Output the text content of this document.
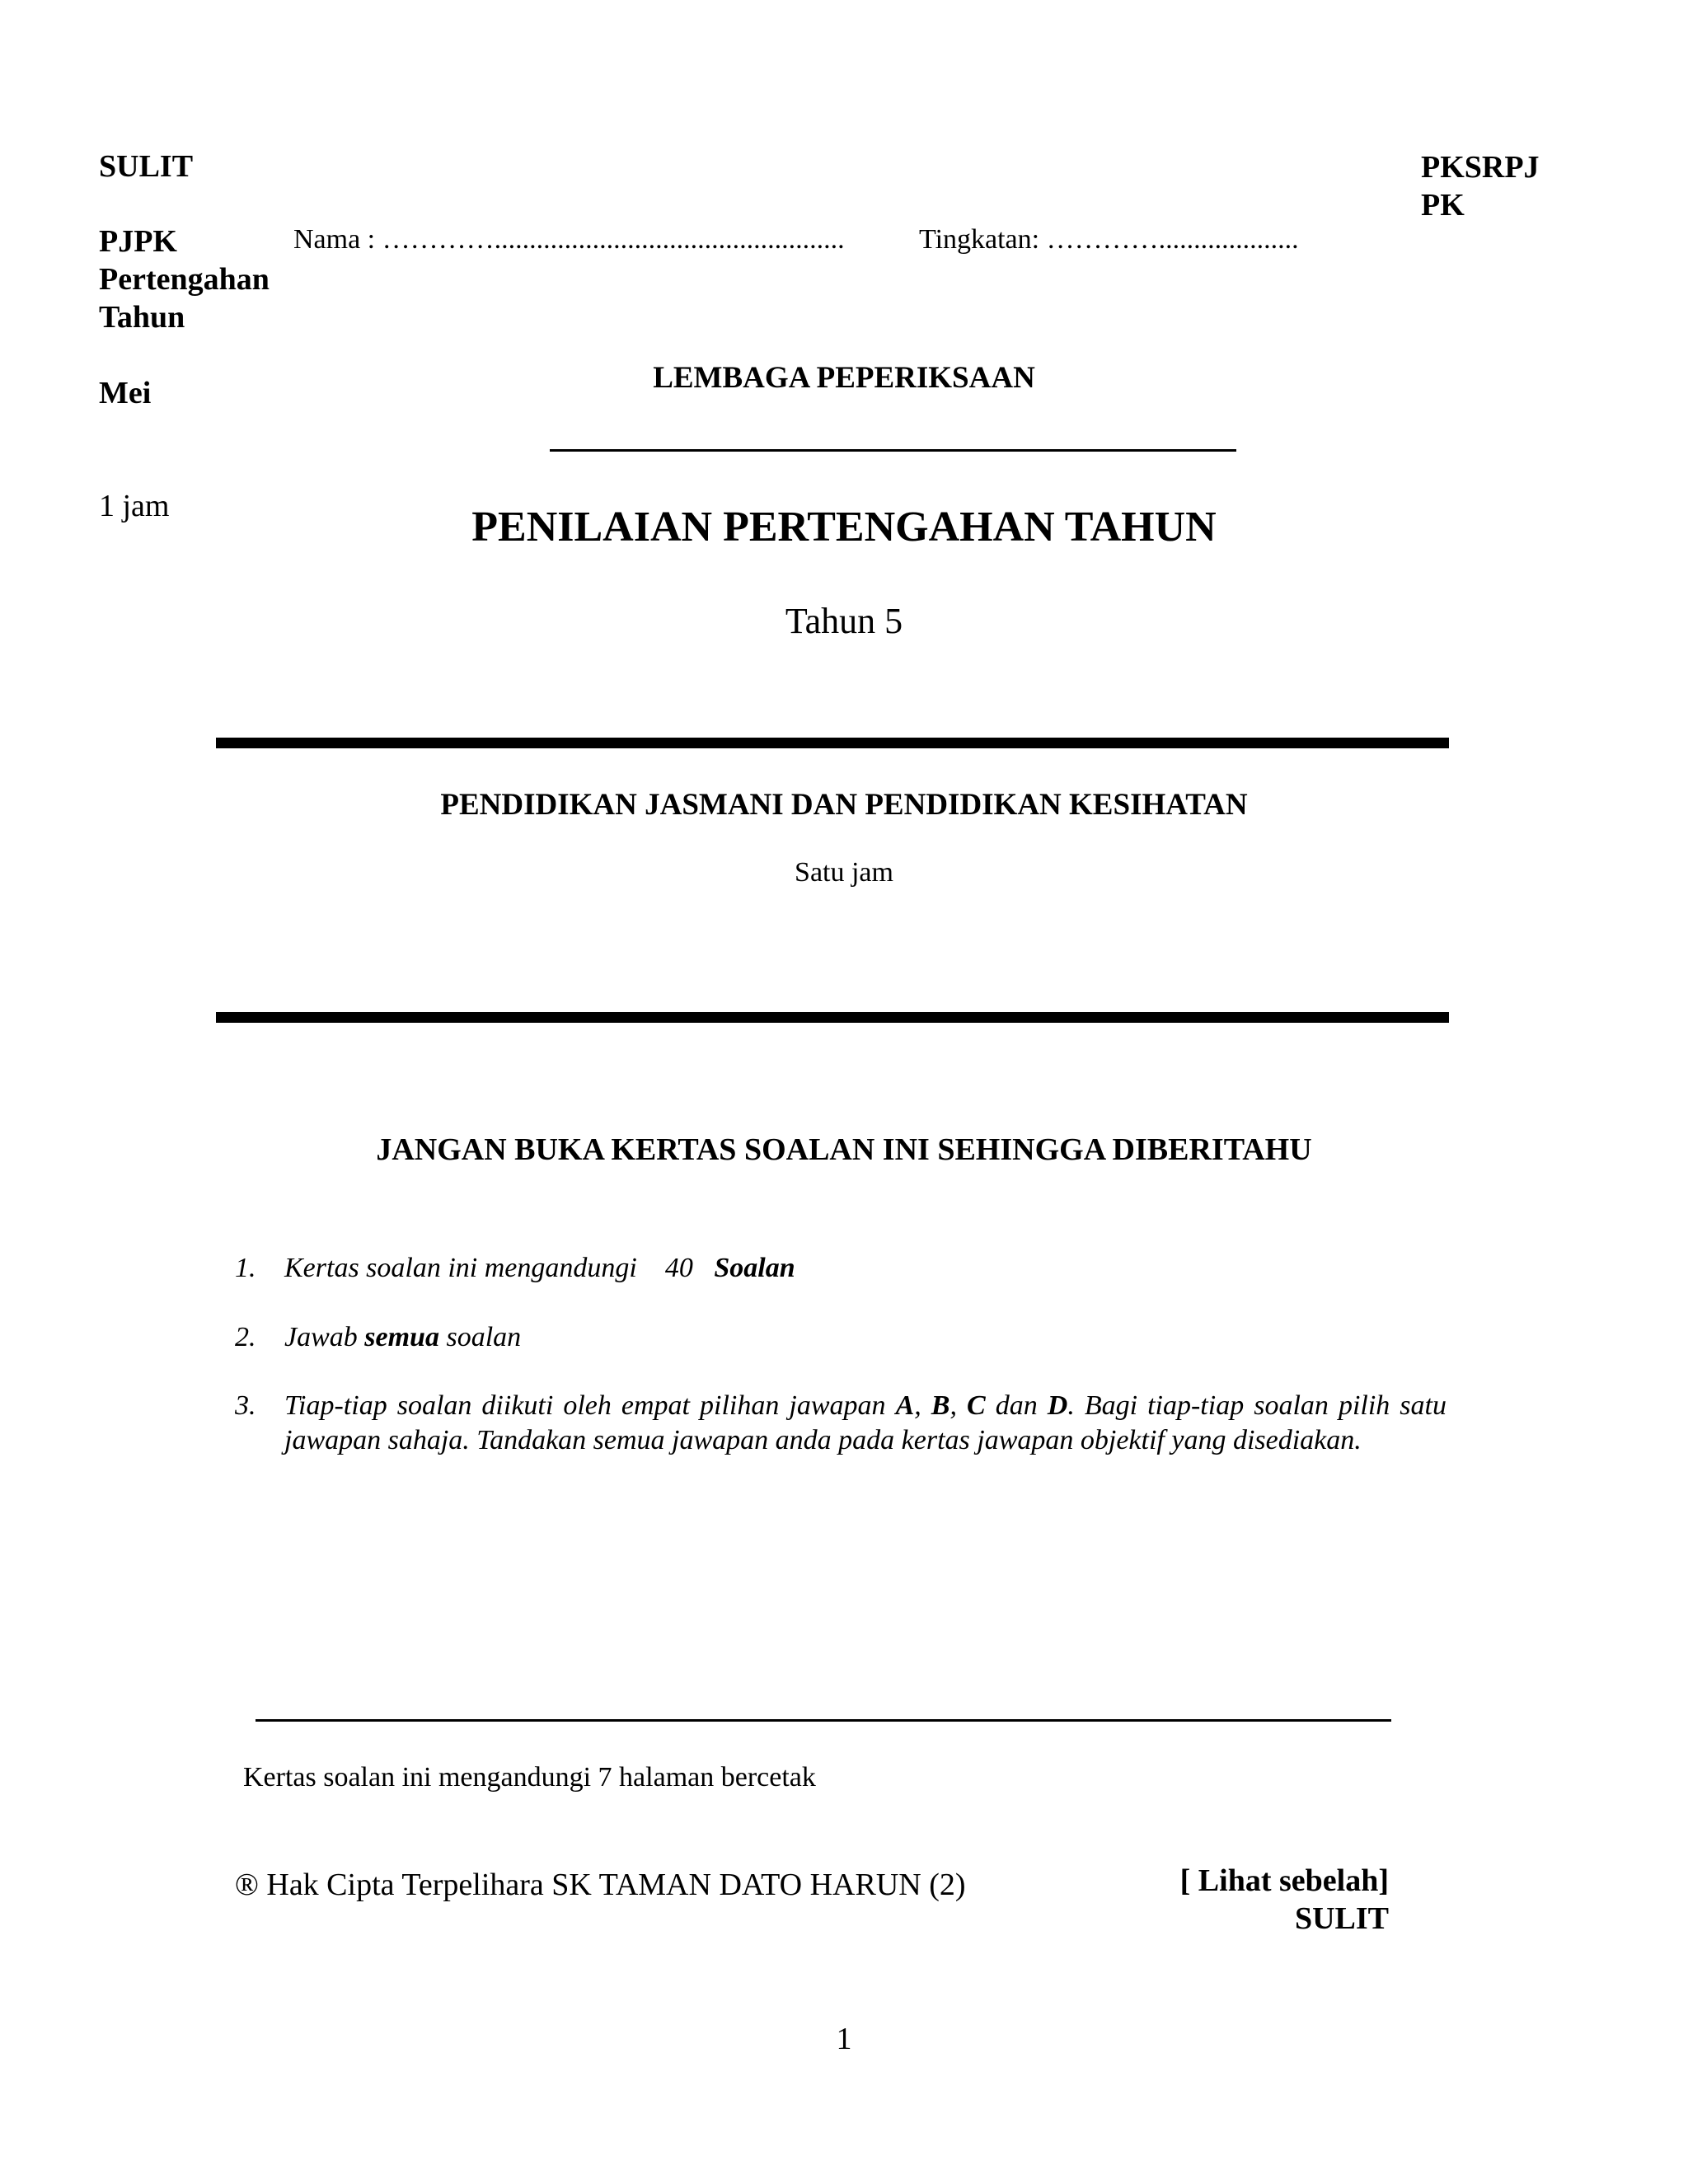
SULIT	PKSRPJ
PK
PJPK
Pertengahan
Tahun
Mei
1 jam
Nama : …………..................................................	Tingkatan: …………....................
LEMBAGA PEPERIKSAAN
PENILAIAN PERTENGAHAN TAHUN
Tahun 5
PENDIDIKAN JASMANI DAN PENDIDIKAN KESIHATAN
Satu jam
JANGAN BUKA KERTAS SOALAN INI SEHINGGA DIBERITAHU
1. Kertas soalan ini mengandungi 40 Soalan
2. Jawab semua soalan
3. Tiap-tiap soalan diikuti oleh empat pilihan jawapan A, B, C dan D. Bagi tiap-tiap soalan pilih satu jawapan sahaja. Tandakan semua jawapan anda pada kertas jawapan objektif yang disediakan.
Kertas soalan ini mengandungi 7 halaman bercetak
® Hak Cipta Terpelihara SK TAMAN DATO HARUN (2)	[ Lihat sebelah]
SULIT
1
